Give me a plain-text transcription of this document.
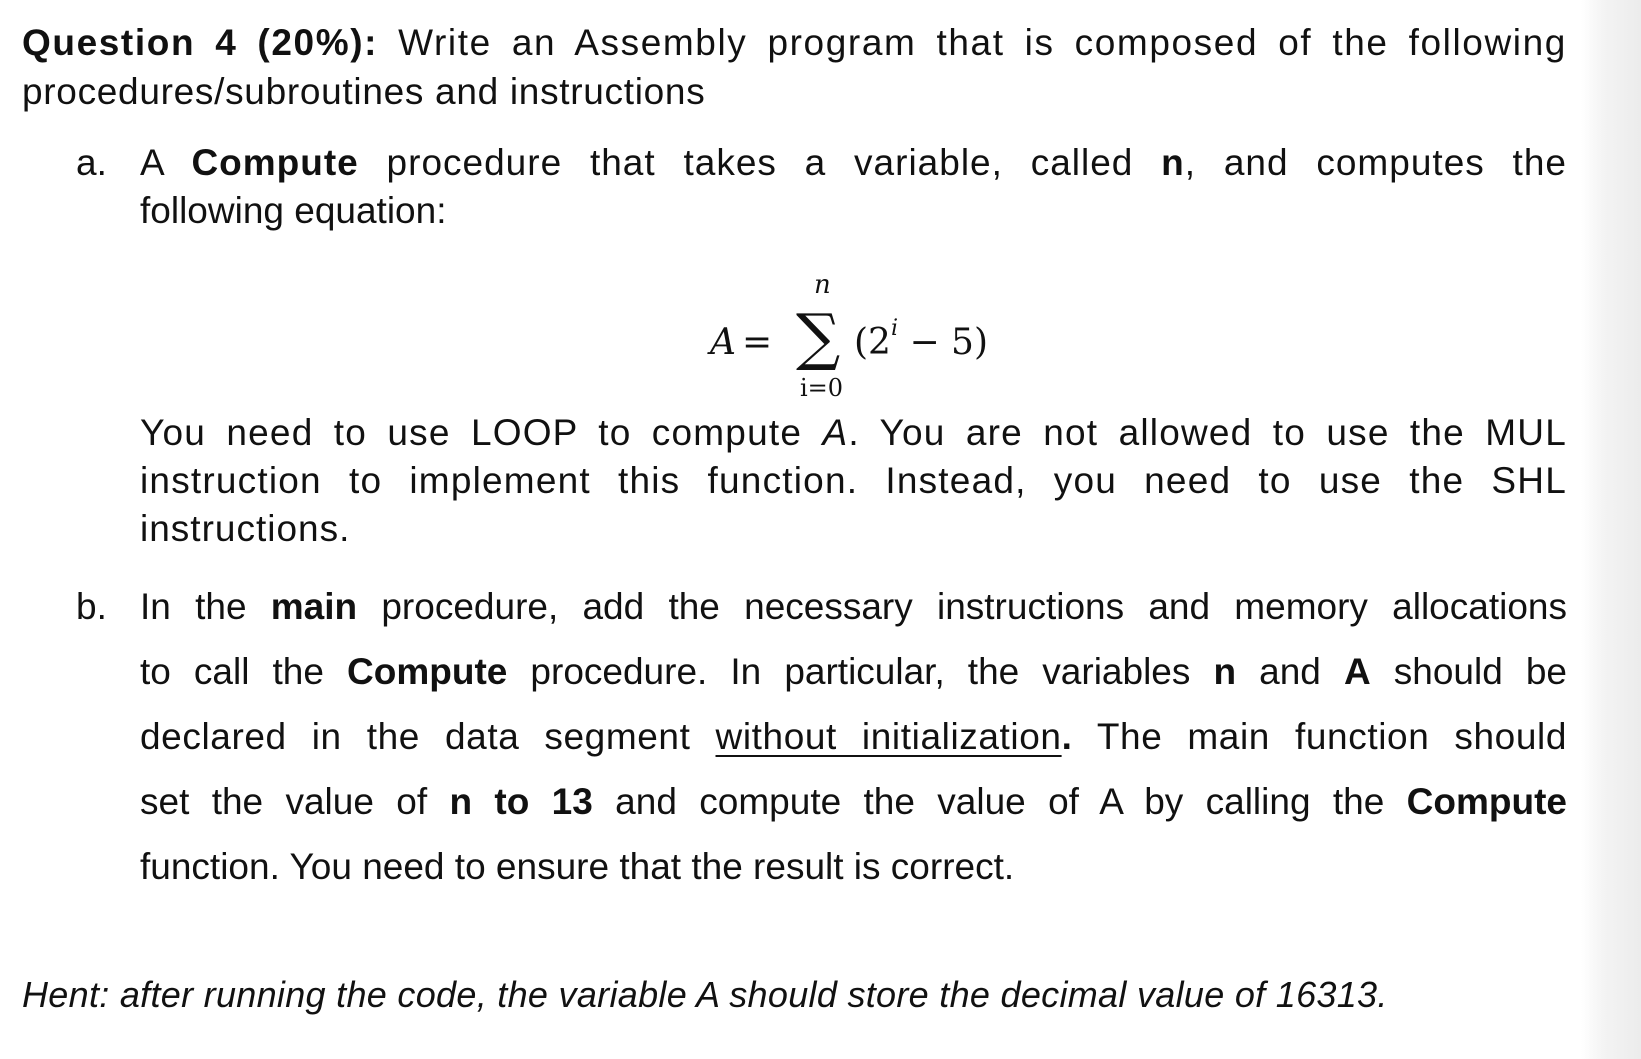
Question 4 (20%): Write an Assembly program that is composed of the following
procedures/subroutines and instructions
a. A Compute procedure that takes a variable, called n, and computes the
following equation:
A =
n
∑
i=0
$(2^i - 5)$
You need to use LOOP to compute A. You are not allowed to use the MUL
instruction to implement this function. Instead, you need to use the SHL
instructions.
b. In the main procedure, add the necessary instructions and memory allocations
to call the Compute procedure. In particular, the variables n and A should be
declared in the data segment without initialization. The main function should
set the value of n to 13 and compute the value of A by calling the Compute
function. You need to ensure that the result is correct.
Hent: after running the code, the variable A should store the decimal value of 16313.
